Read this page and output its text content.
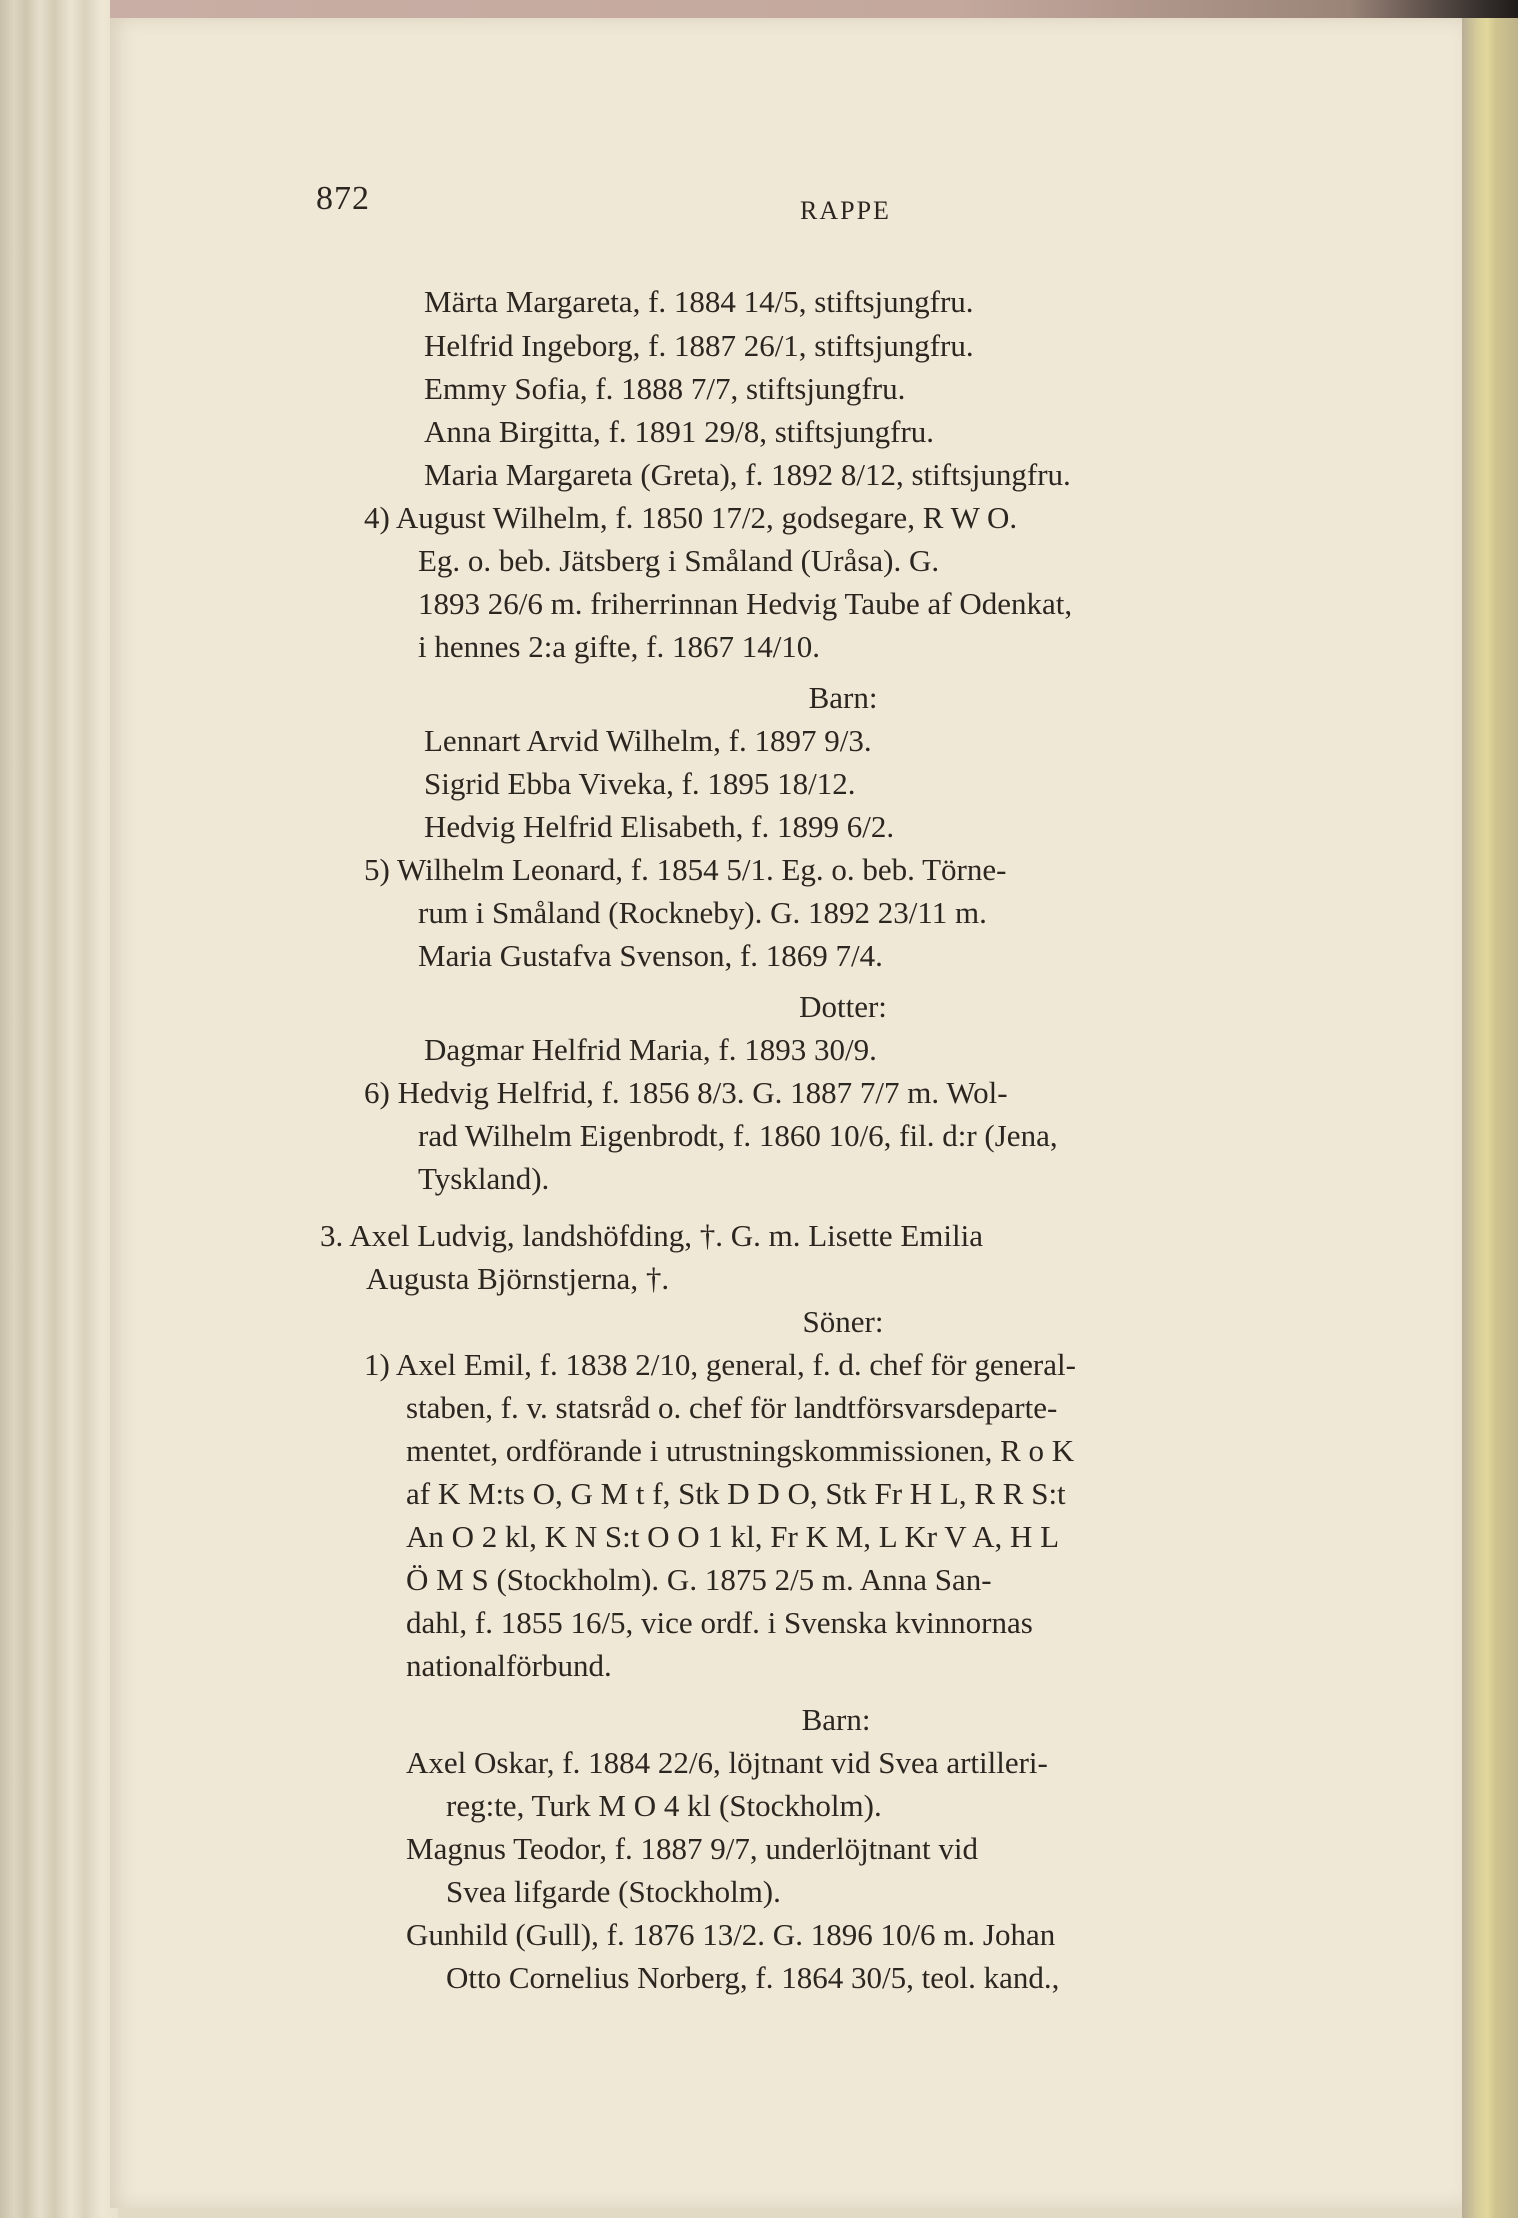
872	RAPPE
Märta Margareta, f. 1884 14/5, stiftsjungfru.
Helfrid Ingeborg, f. 1887 26/1, stiftsjungfru.
Emmy Sofia, f. 1888 7/7, stiftsjungfru.
Anna Birgitta, f. 1891 29/8, stiftsjungfru.
Maria Margareta (Greta), f. 1892 8/12, stiftsjungfru.
4) August Wilhelm, f. 1850 17/2, godsegare, R W O.
Eg. o. beb. Jätsberg i Småland (Uråsa). G.
1893 26/6 m. friherrinnan Hedvig Taube af Odenkat,
i hennes 2:a gifte, f. 1867 14/10.
Barn:
Lennart Arvid Wilhelm, f. 1897 9/3.
Sigrid Ebba Viveka, f. 1895 18/12.
Hedvig Helfrid Elisabeth, f. 1899 6/2.
5) Wilhelm Leonard, f. 1854 5/1. Eg. o. beb. Törne-
rum i Småland (Rockneby). G. 1892 23/11 m.
Maria Gustafva Svenson, f. 1869 7/4.
Dotter:
Dagmar Helfrid Maria, f. 1893 30/9.
6) Hedvig Helfrid, f. 1856 8/3. G. 1887 7/7 m. Wol-
rad Wilhelm Eigenbrodt, f. 1860 10/6, fil. d:r (Jena,
Tyskland).
3. Axel Ludvig, landshöfding, †. G. m. Lisette Emilia
Augusta Björnstjerna, †.
Söner:
1) Axel Emil, f. 1838 2/10, general, f. d. chef för general-
staben, f. v. statsråd o. chef för landtförsvarsdeparte-
mentet, ordförande i utrustningskommissionen, R o K
af K M:ts O, G M t f, Stk D D O, Stk Fr H L, R R S:t
An O 2 kl, K N S:t O O 1 kl, Fr K M, L Kr V A, H L
Ö M S (Stockholm). G. 1875 2/5 m. Anna San-
dahl, f. 1855 16/5, vice ordf. i Svenska kvinnornas
nationalförbund.
Barn:
Axel Oskar, f. 1884 22/6, löjtnant vid Svea artilleri-
reg:te, Turk M O 4 kl (Stockholm).
Magnus Teodor, f. 1887 9/7, underlöjtnant vid
Svea lifgarde (Stockholm).
Gunhild (Gull), f. 1876 13/2. G. 1896 10/6 m. Johan
Otto Cornelius Norberg, f. 1864 30/5, teol. kand.,
